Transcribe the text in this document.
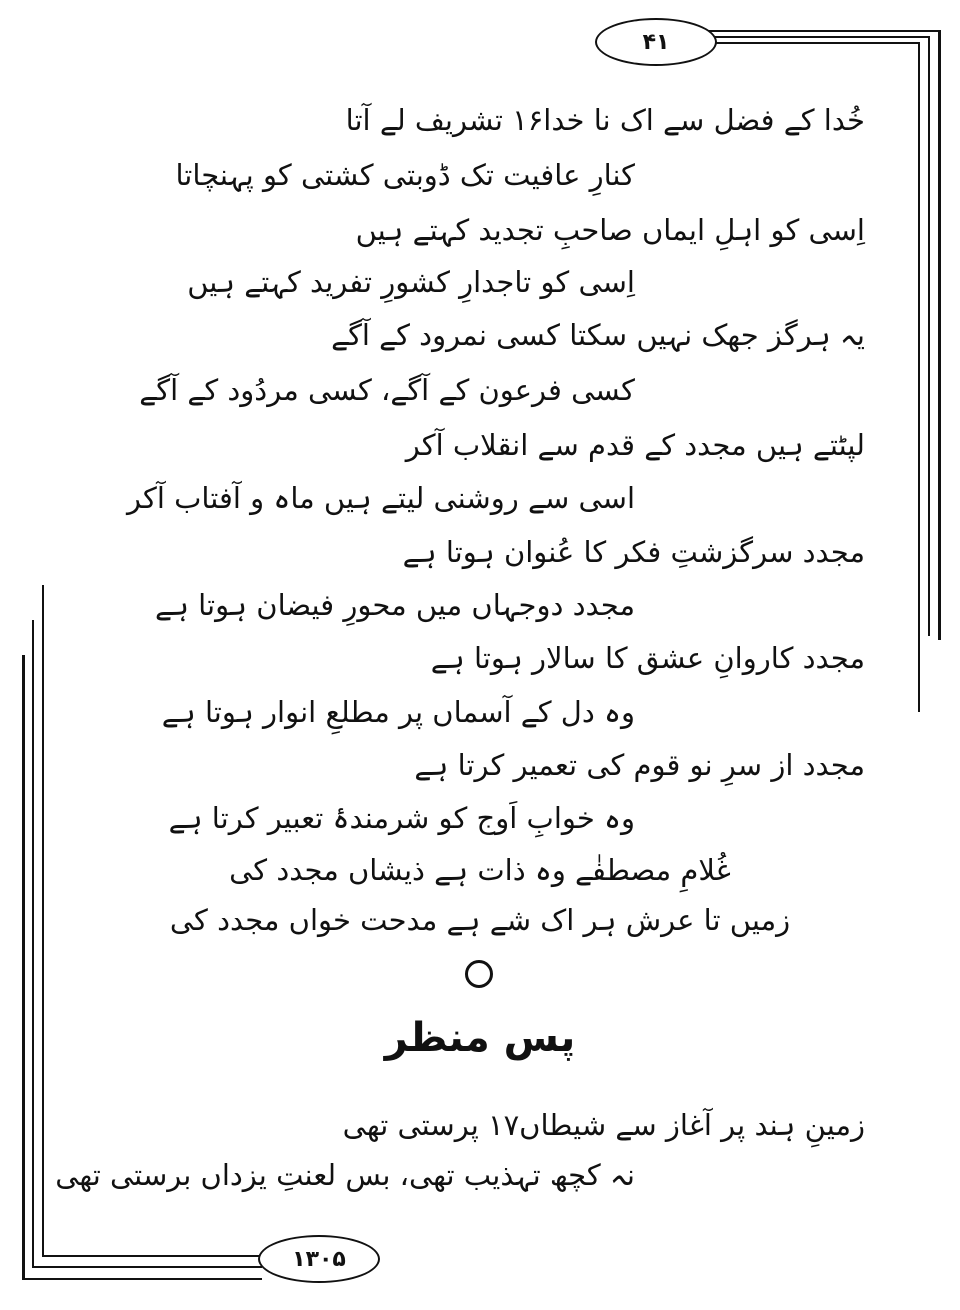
۴۱
۱۳۰۵
خُدا کے فضل سے اک نا خدا۱۶ تشریف لے آتا
کنارِ عافیت تک ڈوبتی کشتی کو پہنچاتا
اِسی کو اہلِ ایماں صاحبِ تجدید کہتے ہیں
اِسی کو تاجدارِ کشورِ تفرید کہتے ہیں
یہ ہرگز جھک نہیں سکتا کسی نمرود کے آگے
کسی فرعون کے آگے، کسی مردُود کے آگے
لپٹتے ہیں مجدد کے قدم سے انقلاب آکر
اسی سے روشنی لیتے ہیں ماہ و آفتاب آکر
مجدد سرگزشتِ فکر کا عُنوان ہوتا ہے
مجدد دوجہاں میں محورِ فیضان ہوتا ہے
مجدد کاروانِ عشق کا سالار ہوتا ہے
وہ دل کے آسماں پر مطلعِ انوار ہوتا ہے
مجدد از سرِ نو قوم کی تعمیر کرتا ہے
وہ خوابِ اَوج کو شرمندۂ تعبیر کرتا ہے
غُلامِ مصطفٰے وہ ذات ہے ذیشاں مجدد کی
زمیں تا عرش ہر اک شے ہے مدحت خواں مجدد کی
پس منظر
زمینِ ہند پر آغاز سے شیطاں۱۷ پرستی تھی
نہ کچھ تہذیب تھی، بس لعنتِ یزداں برستی تھی
